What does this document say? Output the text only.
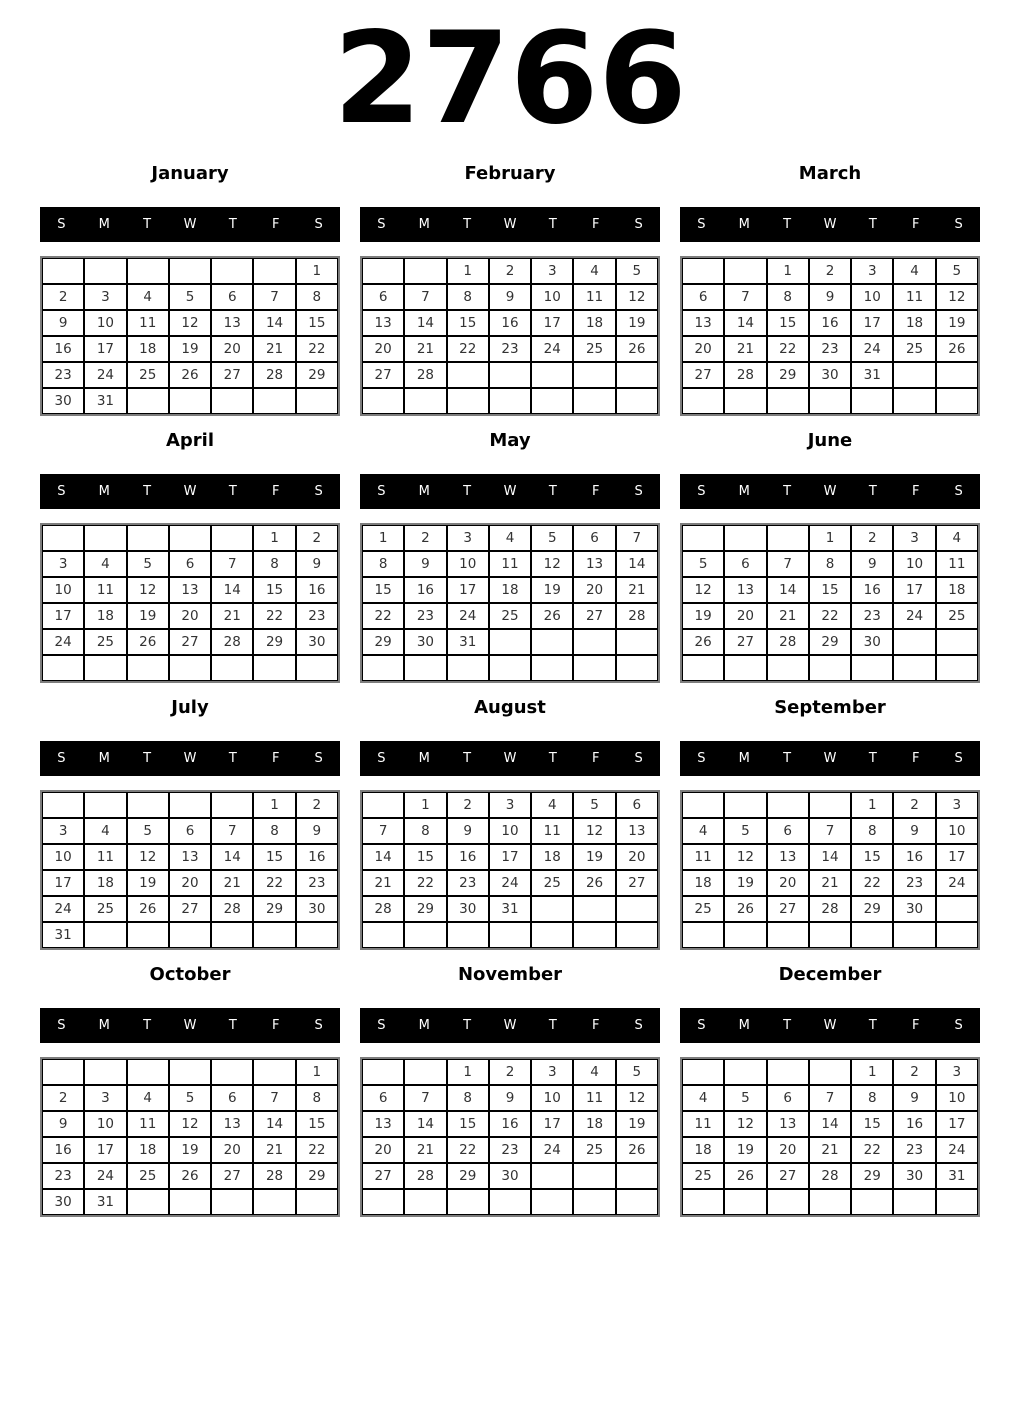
2766
January
S	M	T	W	T	F	S
						1
2	3	4	5	6	7	8
9	10	11	12	13	14	15
16	17	18	19	20	21	22
23	24	25	26	27	28	29
30	31					
February
S	M	T	W	T	F	S
		1	2	3	4	5
6	7	8	9	10	11	12
13	14	15	16	17	18	19
20	21	22	23	24	25	26
27	28					

March
S	M	T	W	T	F	S
		1	2	3	4	5
6	7	8	9	10	11	12
13	14	15	16	17	18	19
20	21	22	23	24	25	26
27	28	29	30	31		

April
S	M	T	W	T	F	S
					1	2
3	4	5	6	7	8	9
10	11	12	13	14	15	16
17	18	19	20	21	22	23
24	25	26	27	28	29	30

May
S	M	T	W	T	F	S
1	2	3	4	5	6	7
8	9	10	11	12	13	14
15	16	17	18	19	20	21
22	23	24	25	26	27	28
29	30	31				

June
S	M	T	W	T	F	S
			1	2	3	4
5	6	7	8	9	10	11
12	13	14	15	16	17	18
19	20	21	22	23	24	25
26	27	28	29	30		

July
S	M	T	W	T	F	S
					1	2
3	4	5	6	7	8	9
10	11	12	13	14	15	16
17	18	19	20	21	22	23
24	25	26	27	28	29	30
31						
August
S	M	T	W	T	F	S
	1	2	3	4	5	6
7	8	9	10	11	12	13
14	15	16	17	18	19	20
21	22	23	24	25	26	27
28	29	30	31			

September
S	M	T	W	T	F	S
				1	2	3
4	5	6	7	8	9	10
11	12	13	14	15	16	17
18	19	20	21	22	23	24
25	26	27	28	29	30	

October
S	M	T	W	T	F	S
						1
2	3	4	5	6	7	8
9	10	11	12	13	14	15
16	17	18	19	20	21	22
23	24	25	26	27	28	29
30	31					
November
S	M	T	W	T	F	S
		1	2	3	4	5
6	7	8	9	10	11	12
13	14	15	16	17	18	19
20	21	22	23	24	25	26
27	28	29	30			

December
S	M	T	W	T	F	S
				1	2	3
4	5	6	7	8	9	10
11	12	13	14	15	16	17
18	19	20	21	22	23	24
25	26	27	28	29	30	31
